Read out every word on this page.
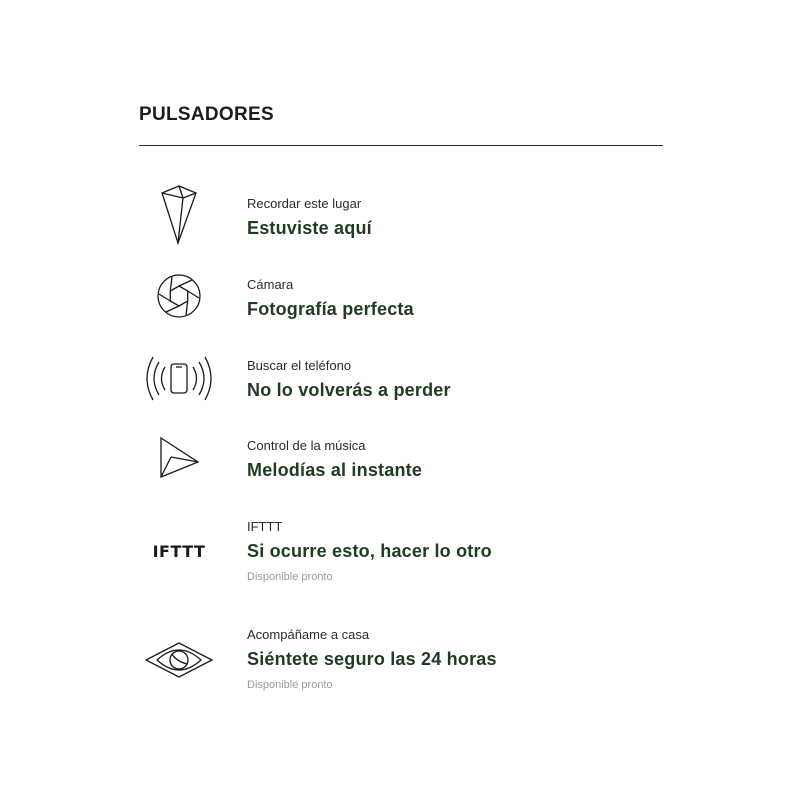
PULSADORES
Recordar este lugar
Estuviste aquí
Cámara
Fotografía perfecta
Buscar el teléfono
No lo volverás a perder
Control de la música
Melodías al instante
IFTTT
IFTTT
Si ocurre esto, hacer lo otro
Disponible pronto
Acompáñame a casa
Siéntete seguro las 24 horas
Disponible pronto
